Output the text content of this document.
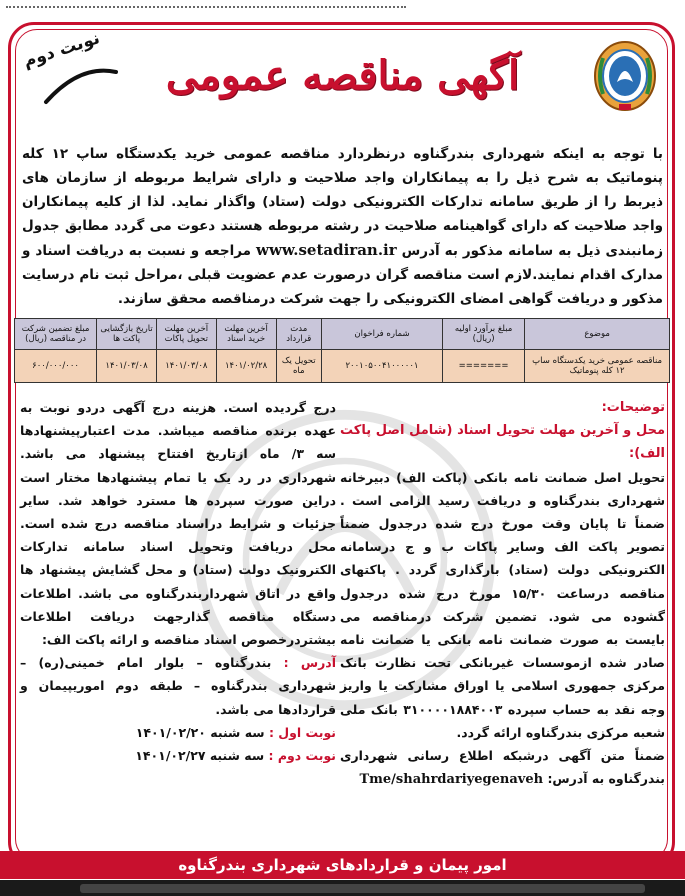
آگهی مناقصه عمومی
نوبت دوم
با توجه به اینکه شهرداری بندرگناوه درنظردارد مناقصه عمومی خرید یکدستگاه ساپ ۱۲ کله پنوماتیک به شرح ذیل را به پیمانکاران واجد صلاحیت و دارای شرایط مربوطه از سازمان های ذیربط را از طریق سامانه تدارکات الکترونیکی دولت (ستاد) واگذار نماید. لذا از کلیه پیمانکاران واجد صلاحیت که دارای گواهینامه صلاحیت در رشته مربوطه هستند دعوت می گردد مطابق جدول زمانبندی ذیل به سامانه مذکور به آدرس www.setadiran.ir مراجعه و نسبت به دریافت اسناد و مدارک اقدام نمایند.لازم است مناقصه گران درصورت عدم عضویت قبلی ،مراحل ثبت نام درسایت مذکور و دریافت گواهی امضای الکترونیکی را جهت شرکت درمناقصه محقق سازند.
موضوع	مبلغ برآورد اولیه (ریال)	شماره فراخوان	مدت قرارداد	آخرین مهلت خرید اسناد	آخرین مهلت تحویل پاکات	تاریخ بازگشایی پاکت ها	مبلغ تضمین شرکت در مناقصه (ریال)
مناقصه عمومی خرید یکدستگاه ساپ ۱۲ کله پنوماتیک	=======	۲۰۰۱۰۵۰۰۴۱۰۰۰۰۰۱	تحویل یک ماه	۱۴۰۱/۰۲/۲۸	۱۴۰۱/۰۳/۰۸	۱۴۰۱/۰۳/۰۸	۶۰۰/۰۰۰/۰۰۰
توضیحات:
محل و آخرین مهلت تحویل اسناد (شامل اصل پاکت الف):
تحویل اصل ضمانت نامه بانکی (پاکت الف) دبیرخانه شهرداری بندرگناوه و دریافت رسید الزامی است . ضمناً تا پایان وقت مورخ درج شده درجدول ضمناً تصویر پاکت الف وسایر پاکات ب و ج درسامانه الکترونیکی دولت (ستاد) بارگذاری گردد . پاکتهای مناقصه درساعت ۱۵/۳۰ مورخ درج شده درجدول گشوده می شود. تضمین شرکت درمناقصه می بایست به صورت ضمانت نامه بانکی یا ضمانت نامه صادر شده ازموسسات غیربانکی تحت نظارت بانک مرکزی جمهوری اسلامی یا اوراق مشارکت یا واریز وجه نقد به حساب سپرده ۳۱۰۰۰۰۱۸۸۴۰۰۳ بانک ملی شعبه مرکزی بندرگناوه ارائه گردد.
ضمناً متن آگهی درشبکه اطلاع رسانی شهرداری بندرگناوه به آدرس: Tme/shahrdariyegenaveh
درج گردیده است. هزینه درج آگهی دردو نوبت به عهده برنده مناقصه میباشد. مدت اعتبارپیشنهادها سه ۳/ ماه ازتاریخ افتتاح پیشنهاد می باشد. شهرداری در رد یک یا تمام پیشنهادها مختار است دراین صورت سپرده ها مسترد خواهد شد. سایر جزئیات و شرایط دراسناد مناقصه درج شده است. محل دریافت وتحویل اسناد سامانه تدارکات الکترونیک دولت (ستاد) و محل گشایش پیشنهاد ها واقع در اتاق شهرداربندرگناوه می باشد. اطلاعات دستگاه مناقصه گذارجهت دریافت اطلاعات بیشتردرخصوص اسناد مناقصه و ارائه پاکت الف:
آدرس : بندرگناوه – بلوار امام خمینی(ره) – شهرداری بندرگناوه – طبقه دوم اموریپیمان و قراردادها می باشد.
نوبت اول : سه شنبه ۱۴۰۱/۰۲/۲۰
نوبت دوم : سه شنبه ۱۴۰۱/۰۲/۲۷
امور پیمان و قراردادهای شهرداری بندرگناوه
